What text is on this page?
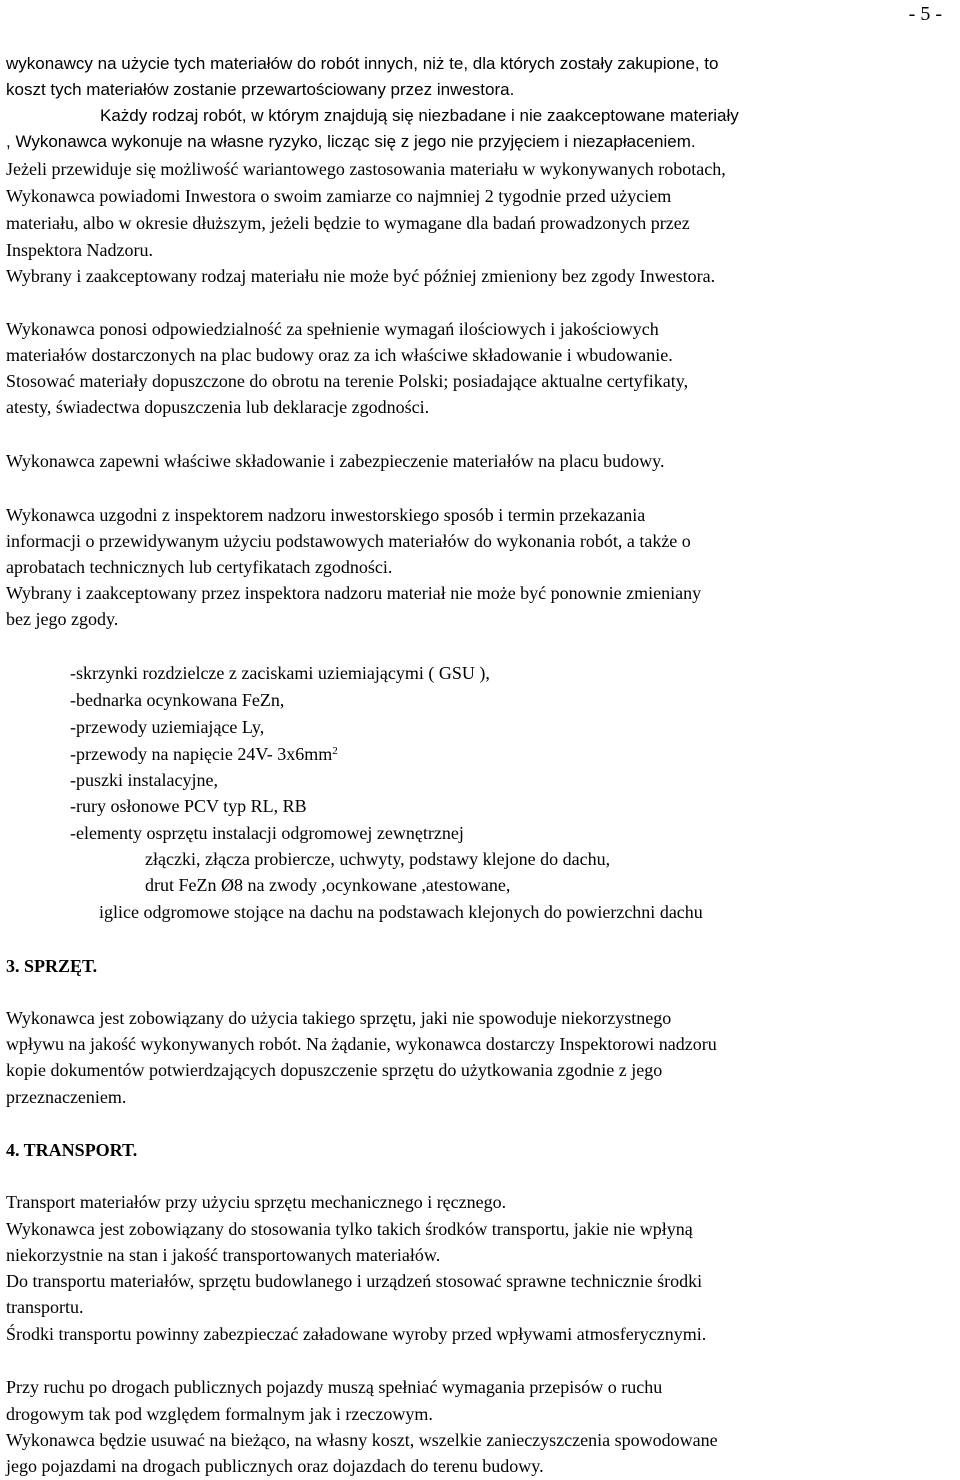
- 5 -
wykonawcy na użycie tych materiałów do robót innych, niż te, dla których zostały zakupione, to
koszt tych materiałów zostanie przewartościowany przez inwestora.
Każdy rodzaj robót, w którym znajdują się niezbadane i nie zaakceptowane materiały
, Wykonawca wykonuje na własne ryzyko, licząc się z jego nie przyjęciem i niezapłaceniem.
Jeżeli przewiduje się możliwość wariantowego zastosowania materiału w wykonywanych robotach,
Wykonawca powiadomi Inwestora o swoim zamiarze co najmniej 2 tygodnie przed użyciem
materiału, albo w okresie dłuższym, jeżeli będzie to wymagane dla badań prowadzonych przez
Inspektora Nadzoru.
Wybrany i zaakceptowany rodzaj materiału nie może być później zmieniony bez zgody Inwestora.
Wykonawca ponosi odpowiedzialność za spełnienie wymagań ilościowych i jakościowych
materiałów dostarczonych na plac budowy oraz za ich właściwe składowanie i wbudowanie.
Stosować materiały dopuszczone do obrotu na terenie Polski; posiadające aktualne certyfikaty,
atesty, świadectwa dopuszczenia lub deklaracje zgodności.
Wykonawca zapewni właściwe składowanie i zabezpieczenie materiałów na placu budowy.
Wykonawca uzgodni z inspektorem nadzoru inwestorskiego sposób i termin przekazania
informacji o przewidywanym użyciu podstawowych materiałów do wykonania robót, a także o
aprobatach technicznych lub certyfikatach zgodności.
Wybrany i zaakceptowany przez inspektora nadzoru materiał nie może być ponownie zmieniany
bez jego zgody.
-skrzynki rozdzielcze z zaciskami uziemiającymi ( GSU ),
-bednarka ocynkowana FeZn,
-przewody uziemiające Ly,
-przewody na napięcie 24V- $3x6mm^2$
-puszki instalacyjne,
-rury osłonowe PCV typ RL, RB
-elementy osprzętu instalacji odgromowej zewnętrznej
złączki, złącza probiercze, uchwyty, podstawy klejone do dachu,
drut FeZn Ø8 na zwody ,ocynkowane ,atestowane,
iglice odgromowe stojące na dachu na podstawach klejonych do powierzchni dachu
3. SPRZĘT.
Wykonawca jest zobowiązany do użycia takiego sprzętu, jaki nie spowoduje niekorzystnego
wpływu na jakość wykonywanych robót. Na żądanie, wykonawca dostarczy Inspektorowi nadzoru
kopie dokumentów potwierdzających dopuszczenie sprzętu do użytkowania zgodnie z jego
przeznaczeniem.
4. TRANSPORT.
Transport materiałów przy użyciu sprzętu mechanicznego i ręcznego.
Wykonawca jest zobowiązany do stosowania tylko takich środków transportu, jakie nie wpłyną
niekorzystnie na stan i jakość transportowanych materiałów.
Do transportu materiałów, sprzętu budowlanego i urządzeń stosować sprawne technicznie środki
transportu.
Środki transportu powinny zabezpieczać załadowane wyroby przed wpływami atmosferycznymi.
Przy ruchu po drogach publicznych pojazdy muszą spełniać wymagania przepisów o ruchu
drogowym tak pod względem formalnym jak i rzeczowym.
Wykonawca będzie usuwać na bieżąco, na własny koszt, wszelkie zanieczyszczenia spowodowane
jego pojazdami na drogach publicznych oraz dojazdach do terenu budowy.
